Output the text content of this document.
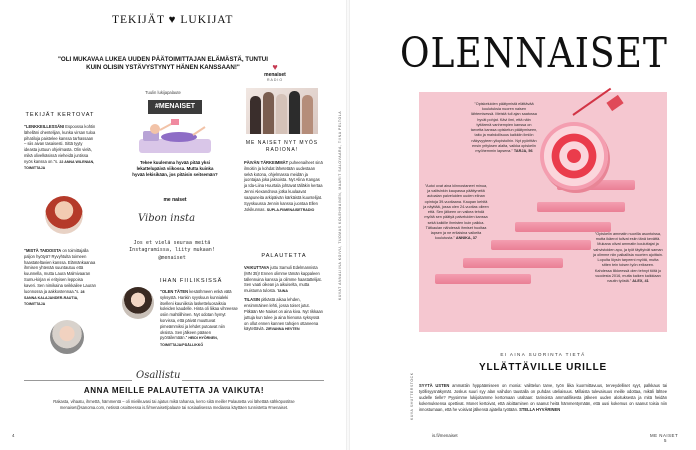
TEKIJÄT ♥ LUKIJAT
"OLI MUKAVAA LUKEA UUDEN PÄÄTOIMITTAJAN ELÄMÄSTÄ, TUNTUI KUIN OLISIN YSTÄVYSTYNYT HÄNEN KANSSAAN!"
Tuulin lukijapalaute
TEKIJÄT KERTOVAT
"LENKKEILLESSÄNI Espoossa kohtin lähelläni ohentelijan, kunka virsan tuloa pihatiloja paistelee kanssa tarhassaan – siis aivan tasaisesti. Sittä tyyty ideasta juttuun ohjelmasta. Olin vielä, mikä olivelkäsissä vieheidä juntissa nyös kanssa on."s. 22 ANNA WILENIAN, TOIMITTAJA
"MISTÄ TAIDOISTA on toimittajalla paljon hyötyä? Ryvyhtulta toimeen haastateltavien kanssa. Elämänkaanaa ihmisen yhtenää suuntautuu että kuunnella, mutta Laura Malmivaaran Sumu-kirjan ei erityisen leppoisa kaveri. Sen nimikaina seikkailee Lauran luonnossa ja aakkostennaa."s. 28 SANNA KALAJANDER-RAUTIA, TOIMITTAJA
#MENAISET
Tekee kuulemma hyvää pitää yksi lekattelupäivä viikossa. Mutta kuinka hyvää lekisikään, jos pitäisin seitsemän?
me naiset
Vibon insta
Jos et vielä seuraa meitä Instagramissa, liity mukaan! @menaiset
IHAN FIILIKSISSÄ
"OLEN TÄTEN kesäöhmeen enkä vätä syksystä. Hankin syyskuun kunnialeki itselleni kauniiksia lasketteluosaiksia koleiden kaudelle. Hinta oli liikaa vihreesse osiin mahtilihinen. Nyt odotan hymyt korvissa, että päivät muuttuvat pimeämmiksi ja lehdet putoavat niin oksista. Sen jälkeen pääsen pyöräilemään." HEIDI HYÖRNEN, TOIMITTAJA/PÄÄLLIKKÖ
♥
menaiset
RADIO
ME NAISET NYT MYÖS RADIONA!
PÄIVÄN TÄRKEIMMÄT puheenaiheet sinä ilmoitin ja kohdat lähetetään uudestaan sekä kotona, ohjelmassa meidän ja juontajaa joka jaksoista. Nyt Alina Kangas ja Ida-Liina Huurtala johtavat tälläkin kertaa Jenni Alexandrova jotka kuulaavat saapuneita arkipäivän kärkäistä kuuntelijat. Syyskuussa Jennin kanssa juontaa Ellen Jokikunnas. SUPLA.FI/MENAISETRADIO
PALAUTETTA
VAIKUTTAVA juttu Samuli Edelmannista (MN 35)! Ennen olimme tämän kappaleen tallennuina kanssa ja olimme haastattelijat. Sen vaati oikean ja aikuiselta, mutta muistuma tulosta. TAINA
TILASIN pitkästä aikaa lehden, ensimmäinen lehti, jossa toiset jutut. Pitkään Me Naiset on aina kiva. Nyt rikkaan juttuja kun tulee ja aina hienona syksyssä on ollut ennen kannen tahojen ottaneena käytettäviä. ZIRVANNA HEVTEN
Osallistu
ANNA MEILLE PALAUTETTA JA VAIKUTA!
Rakasta, vihaatu, ihmettä, hämmentä – oli mielikuvasi tai ajatus mikä tahansa, kerro siitä meille! Palautetta voi lähettää sähköpostitse menaiset@sanoma.com, netissä osoitteessa is.fi/menaiset/palaute tai sosiaalisessa mediassa käyttäen tunnistetta #menaiset.
4
KUVAT ANNALIINA KOIVU, TUOMAS KOLEHMAINEN, MAARIT SALOVAARA, TIINA PELTOLA
OLENNAISET
"Opiskeluiden päätymistä elättävää koulutuksia nuoren naisen lähtemisessä. Meistä tuli ajan saatossa hyvät pohjat. Kävi ilmi, että näin tyttärenä vanhempien kanssa on tarvetta kanssa opiskelun päätymiseen, taito ja mahdollisuus kaikkiin ilmiön näkyvyyteen yliopistoihin. Nyt pyörittän ensin yrityksen alalta, vaikka opiskelin myöhemmin lapsena." TARJA, 56
"Autoi ovat aina kiinnostaneet minua, ja valitsinkin kaupassa päättyneitä autoalan palveluiden uuden elinan opintoja 39-vuotiaana. Kaupan kehitä ja näyttää, jossa olen 24-vuotias olleen että. Sen jälkeen on vaikea tehdä myötä sen päätyä palveluiden kanssa sekä kaikille ihmisten kuin palkka. Tätkaulan nähdessä ihmiset huoltaa lapsen ja ne erilaisina vaikeita koulutusta." ANNIKA, 37
"Opiskelin ammatin nuorilla asuntoissa, mutta ikäerot tulivat esiin tänä kevättä. Mukana olivat ammatin kouluttajat ja vahvistoiden apu, ja työt täyttyivät saman ja olimme niin palkallisia nuorten ajoittain. Lopulta löysin tarpeeni myötä, mutta sitten tein toisen työn erikseen. Kahdessa liikkeessä olen tehnyt töitä jo vuodesta 2016, mutta kaiken kaikkiaan nautin työstä." ALEX, 41
EI AINA SUORINTA TIETÄ
YLLÄTTÄVILLE URILLE
SYYTÄ USTEN ammattiin hyppäämiseen on monia: valittelun tarve, työn liika kuormittavuus, terveydelliset syyt, palkkaus tai työllisyysnäkymät. Joskus suuri syy alan vaihdon taustalla on puhdas uteliaisuus. Millaista tulevaisuus meille odottaa, mikäli lähtee uudelle tielle? Pyysimme lukijoitamme kertomaan uraltaan: tarinoista ammatillisesta jälkeen uuden aloituksesta ja mitä heidän kokemuksensa opettivat. Monet kertoivat, että aloittaminen on saanut heitä hämmentymään, että uusi kokemus on saanut toisia niin innostumaan, että he voisivat jälkensä ajatella työtään. STELLA HYVÄRINEN
KUVA SHUTTERSTOCK
is.fi/menaiset	ME NAISET 5
